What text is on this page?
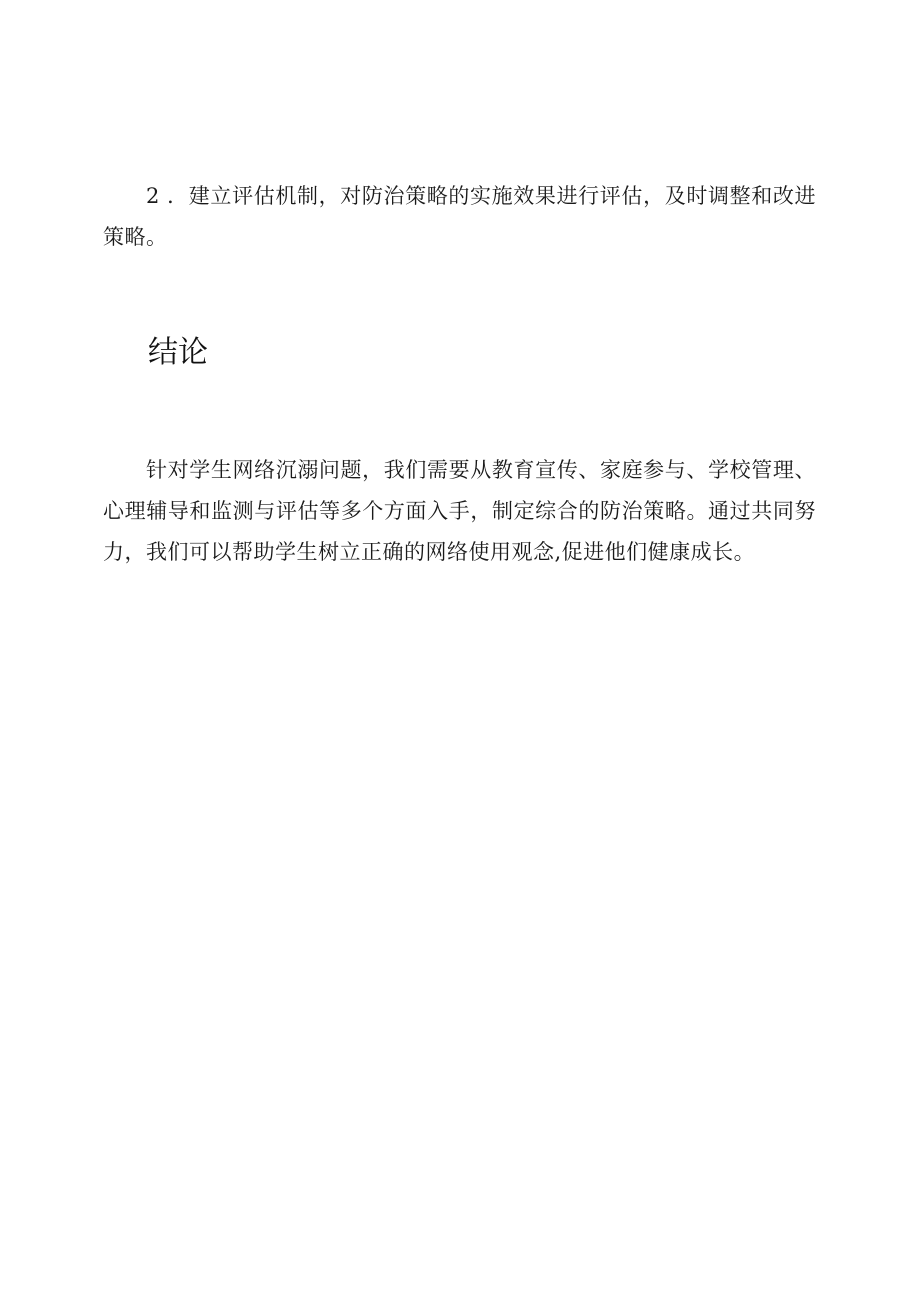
2 ．建立评估机制，对防治策略的实施效果进行评估，及时调整和改进策略。

结论

针对学生网络沉溺问题，我们需要从教育宣传、家庭参与、学校管理、心理辅导和监测与评估等多个方面入手，制定综合的防治策略。通过共同努力，我们可以帮助学生树立正确的网络使用观念,促进他们健康成长。
